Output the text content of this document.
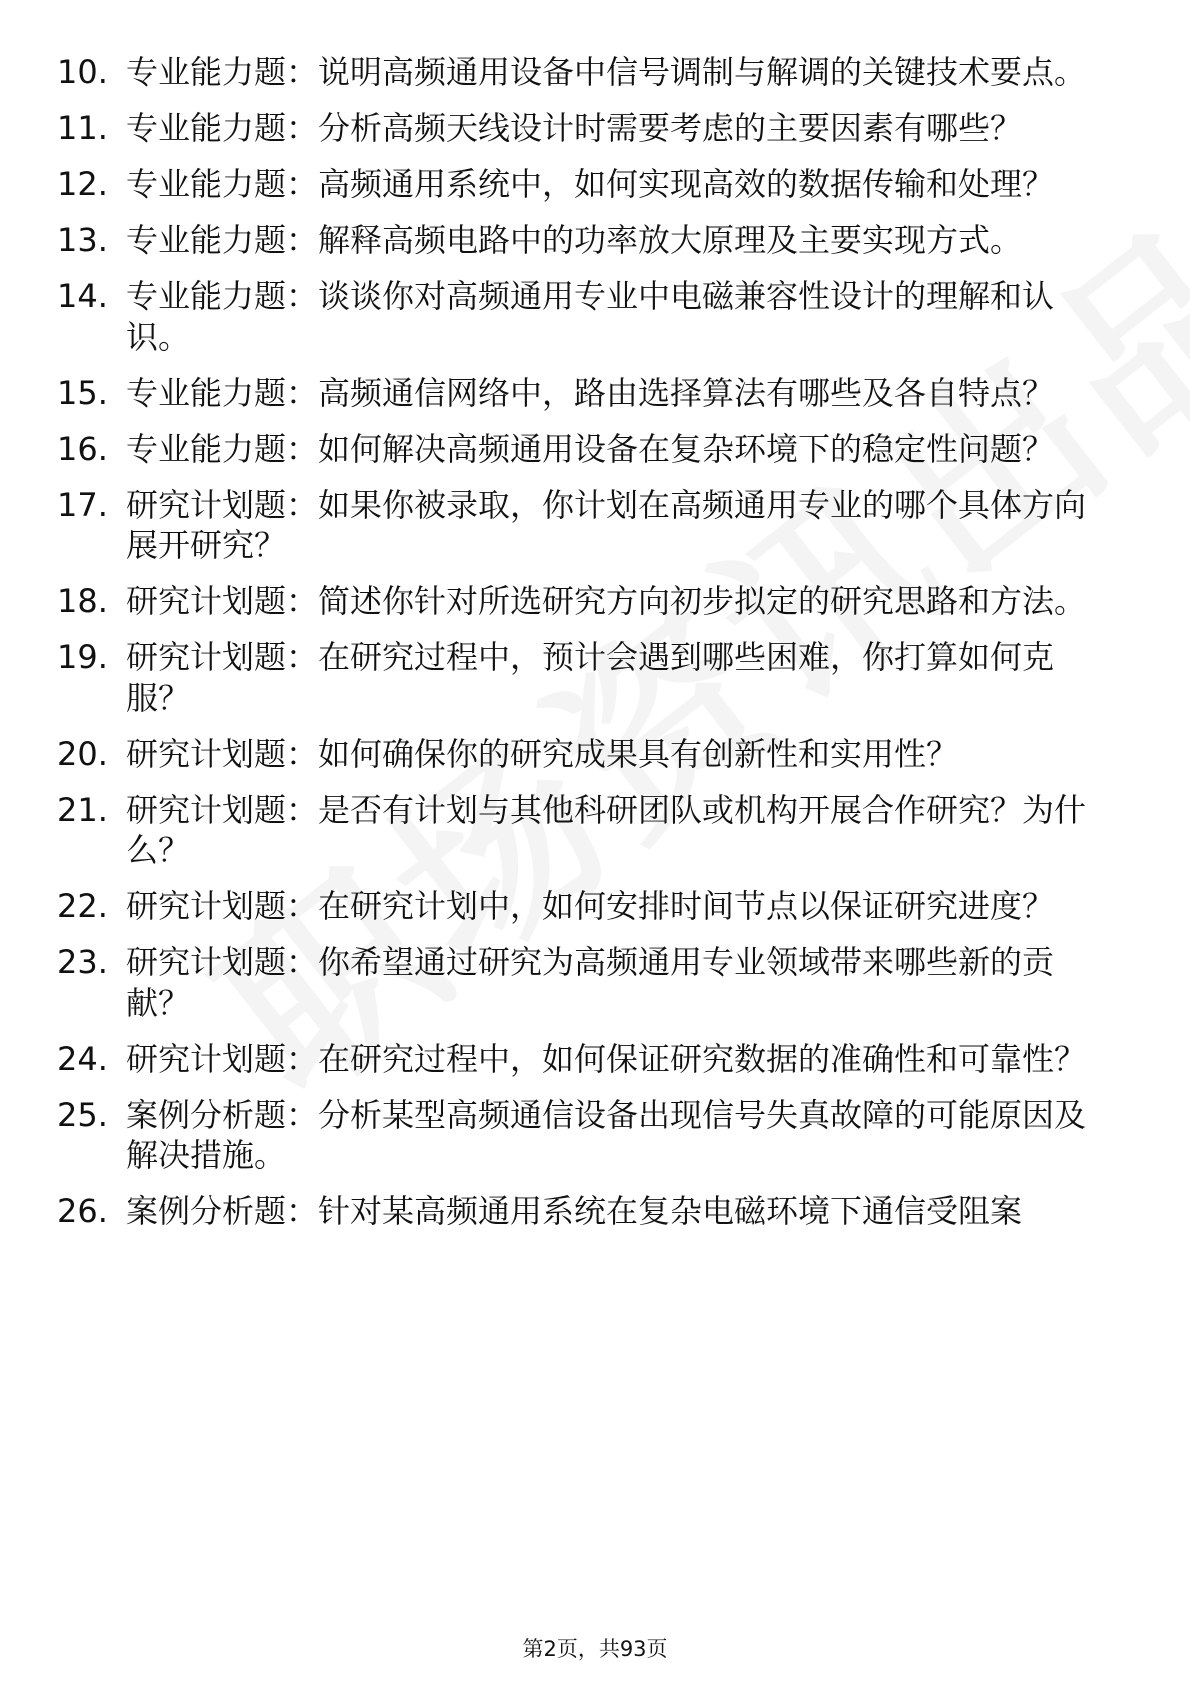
10. 专业能力题：说明高频通用设备中信号调制与解调的关键技术要点。
11. 专业能力题：分析高频天线设计时需要考虑的主要因素有哪些？
12. 专业能力题：高频通用系统中，如何实现高效的数据传输和处理？
13. 专业能力题：解释高频电路中的功率放大原理及主要实现方式。
14. 专业能力题：谈谈你对高频通用专业中电磁兼容性设计的理解和认识。
15. 专业能力题：高频通信网络中，路由选择算法有哪些及各自特点？
16. 专业能力题：如何解决高频通用设备在复杂环境下的稳定性问题？
17. 研究计划题：如果你被录取，你计划在高频通用专业的哪个具体方向展开研究？
18. 研究计划题：简述你针对所选研究方向初步拟定的研究思路和方法。
19. 研究计划题：在研究过程中，预计会遇到哪些困难，你打算如何克服？
20. 研究计划题：如何确保你的研究成果具有创新性和实用性？
21. 研究计划题：是否有计划与其他科研团队或机构开展合作研究？为什么？
22. 研究计划题：在研究计划中，如何安排时间节点以保证研究进度？
23. 研究计划题：你希望通过研究为高频通用专业领域带来哪些新的贡献？
24. 研究计划题：在研究过程中，如何保证研究数据的准确性和可靠性？
25. 案例分析题：分析某型高频通信设备出现信号失真故障的可能原因及解决措施。
26. 案例分析题：针对某高频通用系统在复杂电磁环境下通信受阻案
第2页，共93页
